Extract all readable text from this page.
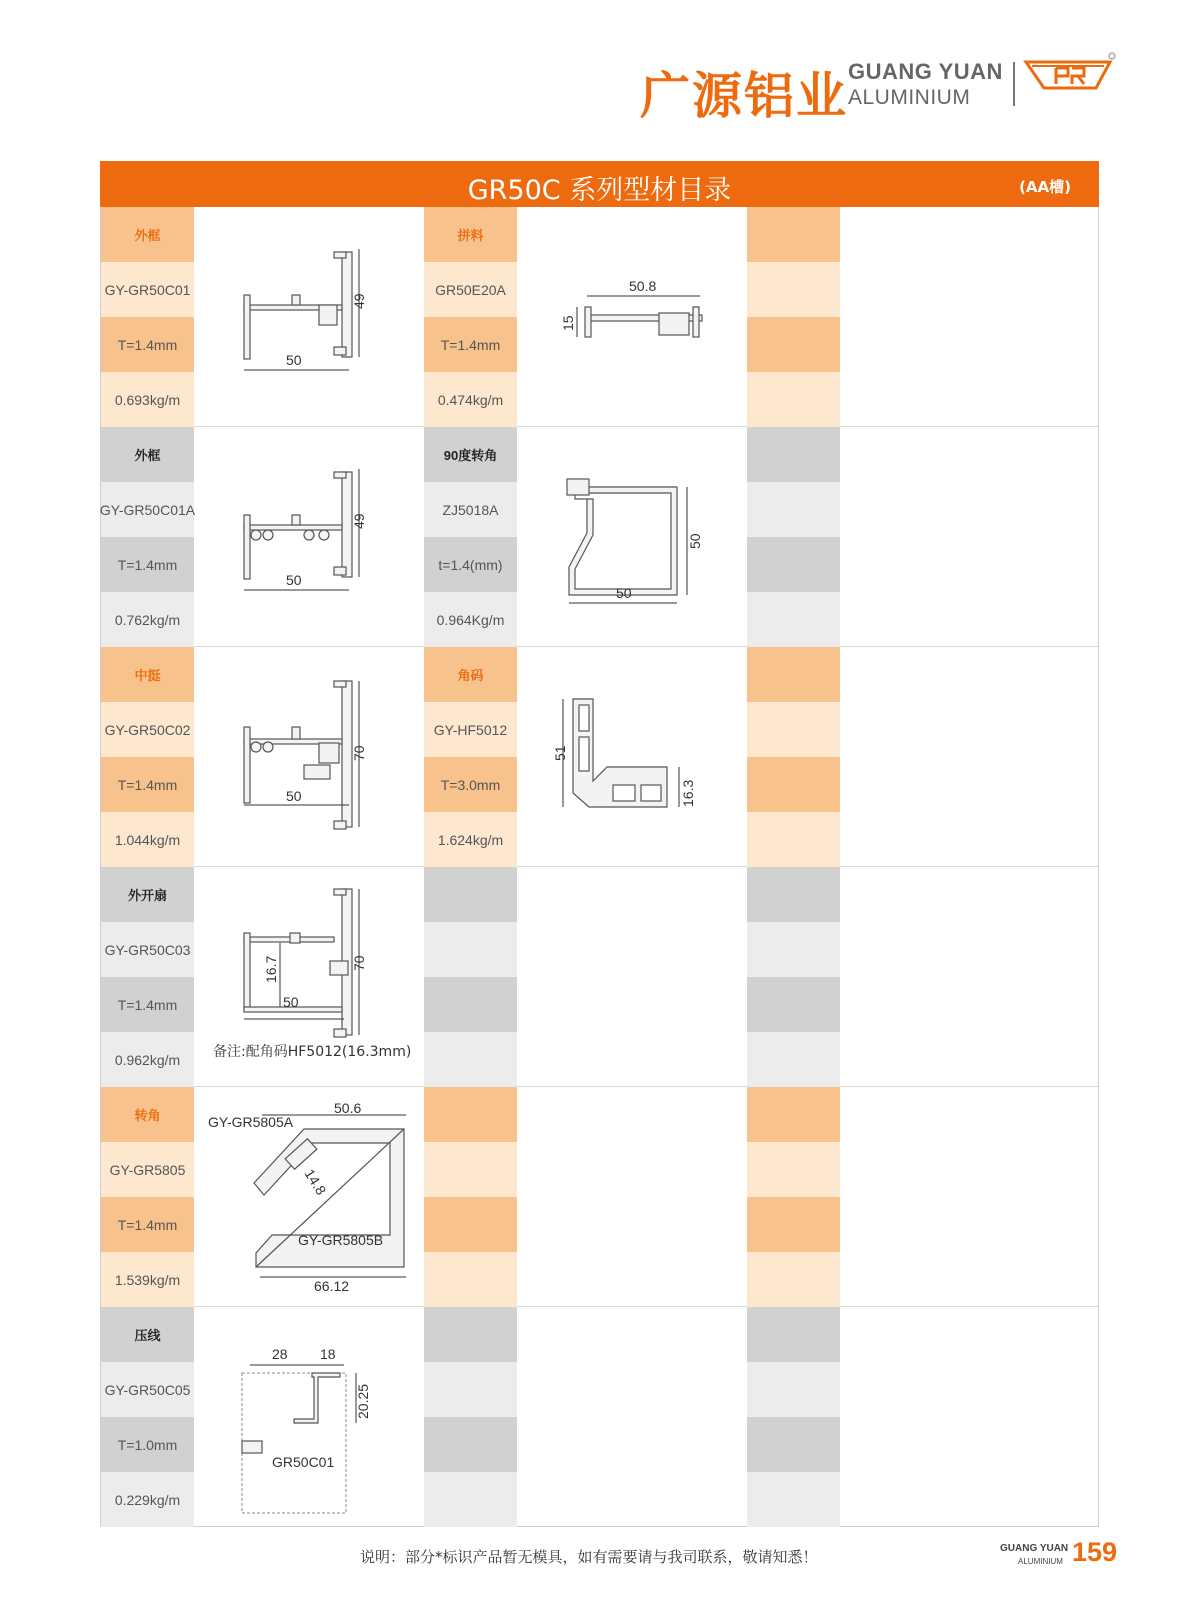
广源铝业 GUANG YUAN
ALUMINIUM
GR50C 系列型材目录	(AA槽)
外框
GY-GR50C01
T=1.4mm
0.693kg/m
49
50
拼料
GR50E20A
T=1.4mm
0.474kg/m
50.8
15
外框
GY-GR50C01A
T=1.4mm
0.762kg/m
49
50
90度转角
ZJ5018A
t=1.4(mm)
0.964Kg/m
50
50
中挺
GY-GR50C02
T=1.4mm
1.044kg/m
70
50
角码
GY-HF5012
T=3.0mm
1.624kg/m
51
16.3
外开扇
GY-GR50C03
T=1.4mm
0.962kg/m
16.7	70
50
备注:配角码HF5012(16.3mm)
转角
GY-GR5805
T=1.4mm
1.539kg/m
50.6
14.8
66.12
GY-GR5805A
GY-GR5805B
压线
GY-GR50C05
T=1.0mm
0.229kg/m
28 18
20.25
GR50C01
说明：部分*标识产品暂无模具，如有需要请与我司联系，敬请知悉！	GUANG YUAN
ALUMINIUM 159
